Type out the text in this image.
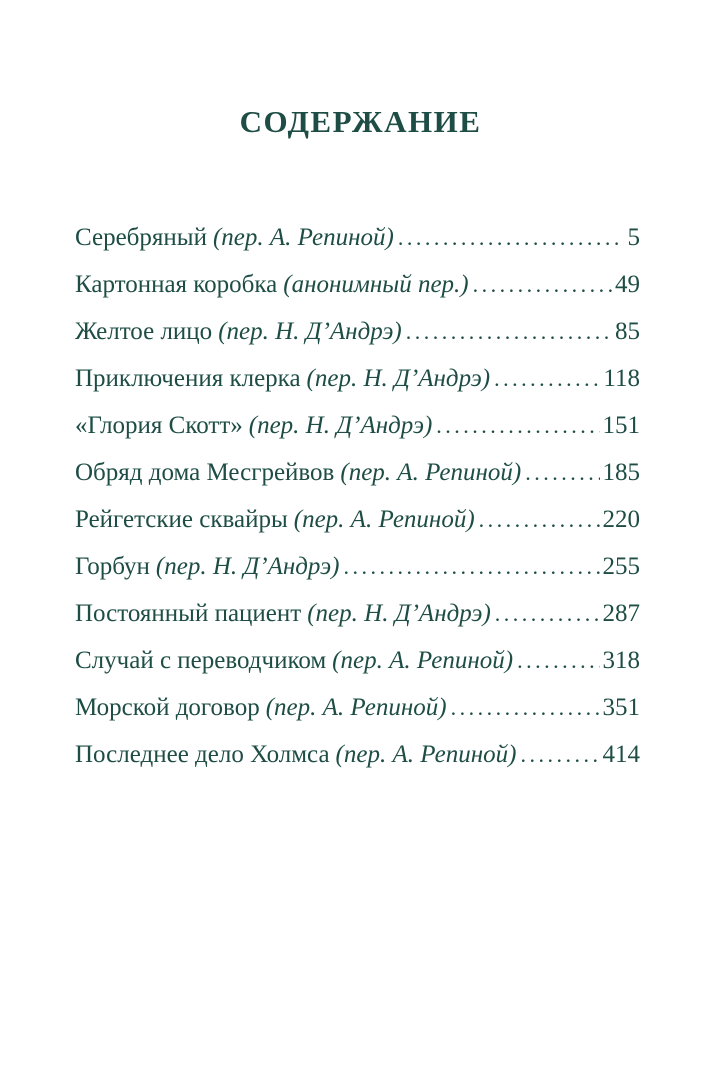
СОДЕРЖАНИЕ
Серебряный (пер. А. Репиной) . . .	5
Картонная коробка (анонимный пер.) . . .	49
Желтое лицо (пер. Н. Д’Андрэ) . . .	85
Приключения клерка (пер. Н. Д’Андрэ) . . .	118
«Глория Скотт» (пер. Н. Д’Андрэ) . . .	151
Обряд дома Месгрейвов (пер. А. Репиной) . . .	185
Рейгетские сквайры (пер. А. Репиной) . . .	220
Горбун (пер. Н. Д’Андрэ) . . .	255
Постоянный пациент (пер. Н. Д’Андрэ) . . .	287
Случай с переводчиком (пер. А. Репиной) . . .	318
Морской договор (пер. А. Репиной) . . .	351
Последнее дело Холмса (пер. А. Репиной) . . .	414
